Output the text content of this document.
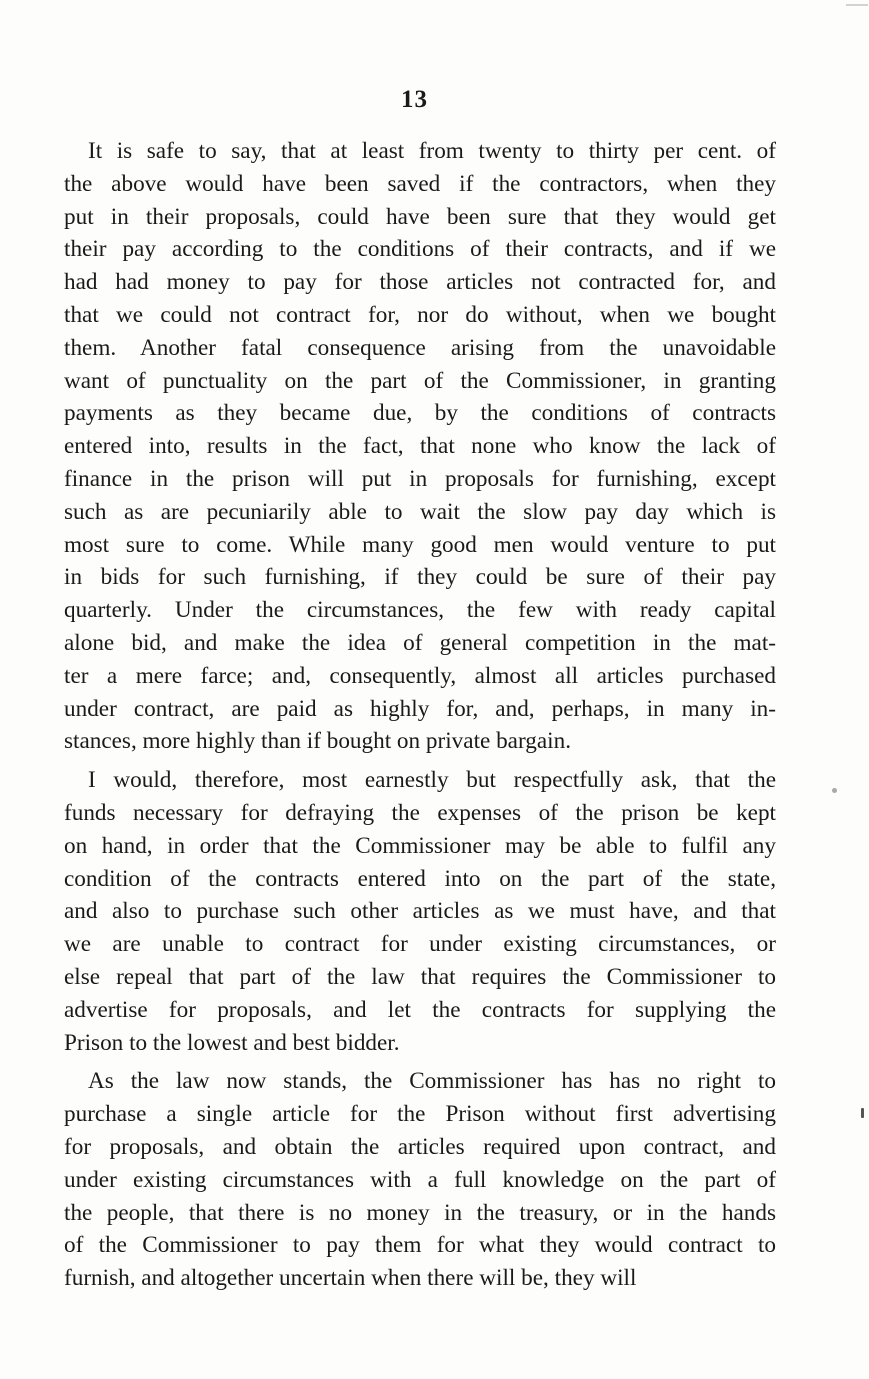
13
It is safe to say, that at least from twenty to thirty per cent. of
the above would have been saved if the contractors, when they
put in their proposals, could have been sure that they would get
their pay according to the conditions of their contracts, and if we
had had money to pay for those articles not contracted for, and
that we could not contract for, nor do without, when we bought
them. Another fatal consequence arising from the unavoidable
want of punctuality on the part of the Commissioner, in granting
payments as they became due, by the conditions of contracts
entered into, results in the fact, that none who know the lack of
finance in the prison will put in proposals for furnishing, except
such as are pecuniarily able to wait the slow pay day which is
most sure to come. While many good men would venture to put
in bids for such furnishing, if they could be sure of their pay
quarterly. Under the circumstances, the few with ready capital
alone bid, and make the idea of general competition in the mat-
ter a mere farce; and, consequently, almost all articles purchased
under contract, are paid as highly for, and, perhaps, in many in-
stances, more highly than if bought on private bargain.
I would, therefore, most earnestly but respectfully ask, that the
funds necessary for defraying the expenses of the prison be kept
on hand, in order that the Commissioner may be able to fulfil any
condition of the contracts entered into on the part of the state,
and also to purchase such other articles as we must have, and that
we are unable to contract for under existing circumstances, or
else repeal that part of the law that requires the Commissioner to
advertise for proposals, and let the contracts for supplying the
Prison to the lowest and best bidder.
As the law now stands, the Commissioner has has no right to
purchase a single article for the Prison without first advertising
for proposals, and obtain the articles required upon contract, and
under existing circumstances with a full knowledge on the part of
the people, that there is no money in the treasury, or in the hands
of the Commissioner to pay them for what they would contract to
furnish, and altogether uncertain when there will be, they will
